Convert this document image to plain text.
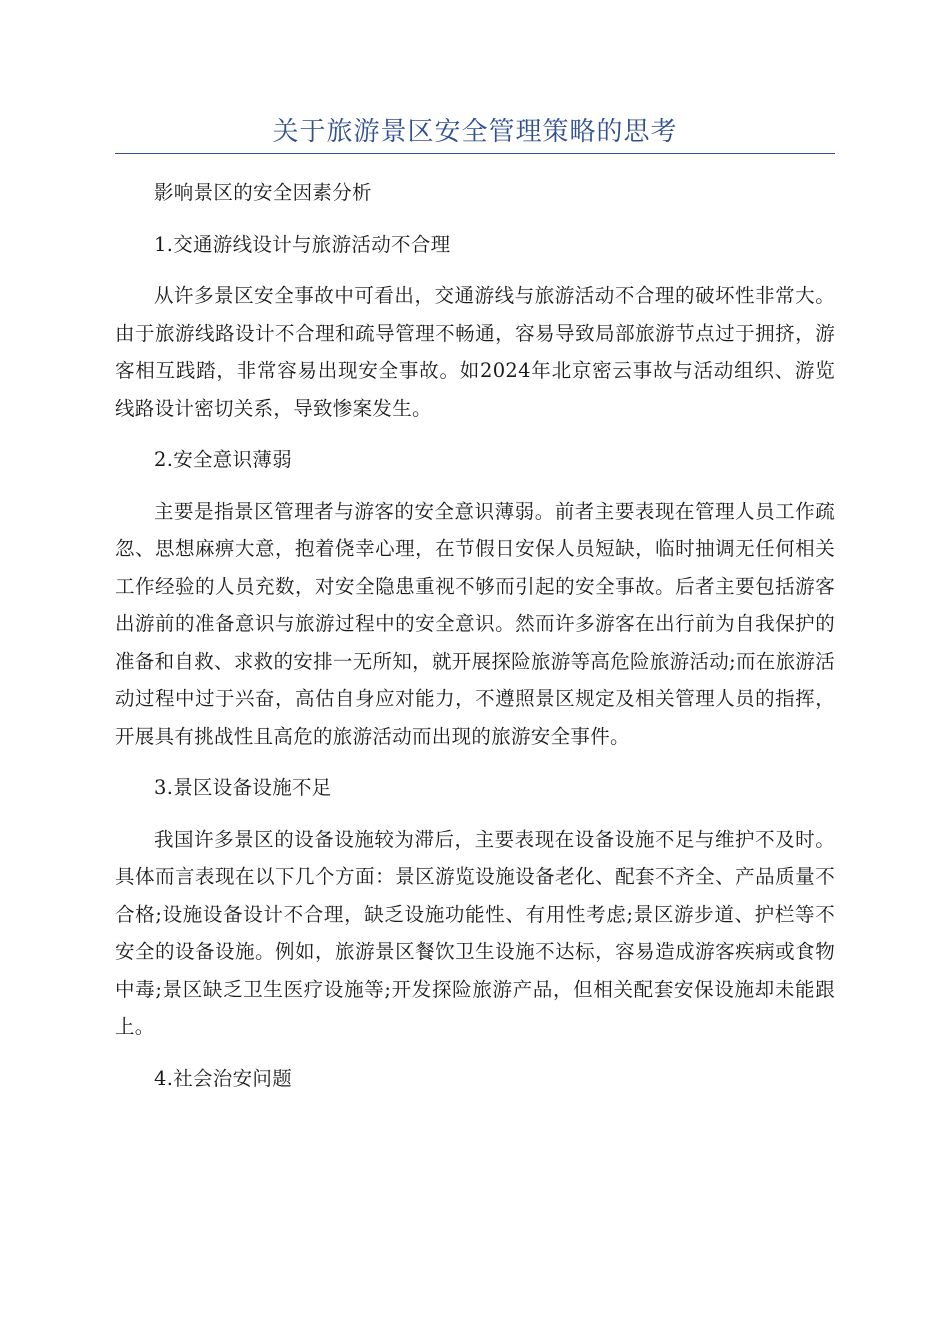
关于旅游景区安全管理策略的思考

影响景区的安全因素分析

1.交通游线设计与旅游活动不合理

从许多景区安全事故中可看出，交通游线与旅游活动不合理的破坏性非常大。由于旅游线路设计不合理和疏导管理不畅通，容易导致局部旅游节点过于拥挤，游客相互践踏，非常容易出现安全事故。如2024年北京密云事故与活动组织、游览线路设计密切关系，导致惨案发生。

2.安全意识薄弱

主要是指景区管理者与游客的安全意识薄弱。前者主要表现在管理人员工作疏忽、思想麻痹大意，抱着侥幸心理，在节假日安保人员短缺，临时抽调无任何相关工作经验的人员充数，对安全隐患重视不够而引起的安全事故。后者主要包括游客出游前的准备意识与旅游过程中的安全意识。然而许多游客在出行前为自我保护的准备和自救、求救的安排一无所知，就开展探险旅游等高危险旅游活动;而在旅游活动过程中过于兴奋，高估自身应对能力，不遵照景区规定及相关管理人员的指挥，开展具有挑战性且高危的旅游活动而出现的旅游安全事件。

3.景区设备设施不足

我国许多景区的设备设施较为滞后，主要表现在设备设施不足与维护不及时。具体而言表现在以下几个方面：景区游览设施设备老化、配套不齐全、产品质量不合格;设施设备设计不合理，缺乏设施功能性、有用性考虑;景区游步道、护栏等不安全的设备设施。例如，旅游景区餐饮卫生设施不达标，容易造成游客疾病或食物中毒;景区缺乏卫生医疗设施等;开发探险旅游产品，但相关配套安保设施却未能跟上。

4.社会治安问题
